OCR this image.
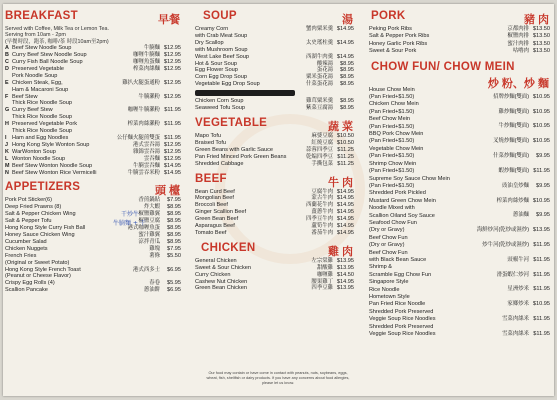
BREAKFAST	早餐
Served with Coffee, Milk Tea or Lemon Tea.
Serving from 10am - 2pm
(早餐時段，跑茶, 咖啡/茶 時段10am至2pm)
A Beef Stew Noodle Soup	牛腩麵 $12.95
B Curry Beef Stew Noodle Soup	咖喱牛腩麵 $12.95
C Curry Fish Ball Noodle Soup	咖喱魚蛋麵 $12.95
D Preserved Vegetable
Pork Noodle Soup
榨菜肉絲麵 $12.95
E Chicken Steak, Egg,
Ham & Macaroni Soup
雞扒火腿蛋通粉 $12.95
F Beef Stew
Thick Rice Noodle Soup
牛腩瀨粉 $12.95
G Curry Beef Stew
Thick Rice Noodle Soup
咖喱牛腩瀨粉 $11.95
H Preserved Vegetable Pork
Thick Rice Noodle Soup
榨菜肉絲瀨粉 $11.95
I Ham and Egg Noodles	公仔麵火腿煎雙蛋 $11.95
J Hong Kong Style Wonton Soup	港式雲吞湯 $12.95
K WarWonton Soup	雜錦雲吞湯 $12.95
L Wonton Noodle Soup	雲吞麵 $12.95
M Beef Stew Wonton Noodle Soup	牛腩雲吞麵 $14.95
N Beef Stew Wonton Rice Vermicelli	牛腩雲吞米粉 $14.95
APPETIZERS	頭 檯
Pork Pot Sticker(6)	香煎鍋貼 $7.95
Deep Fried Prawns (8)	炸大蝦 $8.95
Salt & Pepper Chicken Wing	椒鹽雞翼 $8.95
Salt & Pepper Tofu	椒鹽豆腐 $8.95
Hong Kong Style Curry Fish Ball	港式咖喱魚蛋 $8.95
Honey Sauce Chicken Wing	蜜汁雞翼 $8.95
Cucumber Salad	涼拌青瓜 $8.95
Chicken Nuggets	雞塊 $7.95
French Fries	薯條 $5.50
(Original or Sweet Potato)
Hong Kong Style French Toast	港式西多士 $6.95
(Peanut or Cheese Flavor)
Crispy Egg Rolls (4)	春卷 $5.95
Scallion Pancake	蔥油餅 $6.95
干炒牛
牛腩麵 + 干
SOUP	湯
Creamy Corn
with Crab Meat Soup
蟹肉粟米羹 $14.95
Dry Scallop
with Mushroom Soup
太史瑤柱羹 $14.95
West Lake Beef Soup	西湖牛肉羹 $14.95
Hot & Sour Soup	酸辣湯 $8.95
Egg Flower Soup	蛋花湯 $8.95
Corn Egg Drop Soup	粟米蛋花湯 $8.95
Vegetable Egg Drop Soup	什菜蛋花湯 $8.95
Chicken Corn Soup	雞茸粟米羹 $8.95
Seaweed Tofu Soup	紫菜豆腐湯 $8.95
VEGETABLE	蔬 菜
Mapo Tofu	麻婆豆腐 $10.50
Braised Tofu	紅燒豆腐 $10.50
Green Beans with Garlic Sauce	蒜蓉四季豆 $11.25
Pan Fried Minced Pork Green Beans	乾煸四季豆 $11.25
Shredded Cabbage	手撕包菜 $11.25
BEEF	牛 肉
Bean Curd Beef	豆腐牛肉 $14.95
Mongolian Beef	蒙古牛肉 $14.95
Broccoli Beef	西蘭花牛肉 $14.95
Ginger Scallion Beef	薑蔥牛肉 $14.95
Green Bean Beef	四季豆牛肉 $14.95
Asparagus Beef	蘆筍牛肉 $14.95
Tomato Beef	番茄牛肉 $14.95
CHICKEN	雞 肉
General Chicken	左宗棠雞 $13.95
Sweet & Sour Chicken	甜酸雞 $13.95
Curry Chicken	咖喱雞 $14.50
Cashew Nut Chicken	腰果雞丁 $14.95
Green Bean Chicken	四季豆雞 $13.95
Our food may contain or have come in contact with peanuts, nuts, soybeans, eggs, wheat, fish, shellfish or dairy products. If you have any concerns about food allergies, please let us know.
PORK	豬 肉
Peking Pork Ribs	京都肉排 $13.50
Salt & Pepper Pork Ribs	椒鹽肉排 $13.50
Honey Garlic Pork Ribs	蜜汁肉排 $13.50
Sweet & Sour Pork	咕嚕肉 $13.50
CHOW FUN/ CHOW MEIN
炒 粉、炒 麵
House Chow Mein
(Pan Fried+$1.50)	招牌炒麵(雙面) $10.95
Chicken Chow Mein
(Pan Fried+$1.50)	雞炒麵(雙面) $10.95
Beef Chow Mein
(Pan Fried+$1.50)	牛炒麵(雙面) $10.95
BBQ Pork Chow Mein
(Pan Fried+$1.50)	叉燒炒麵(雙面) $10.95
Vegetable Chow Mein
(Pan Fried+$1.50)	什菜炒麵(雙面) $9.95
Shrimp Chow Mein
(Pan Fried+$1.50)	蝦炒麵(雙面) $11.95
Supreme Soy Sauce Chow Mein
(Pan Fried+$1.50)	豉油皇炒麵 $9.95
Shredded Pork Pickled
Mustard Green Chow Mein	榨菜肉絲炒麵 $10.95
Noodle Mixed with
Scallion Oiland Soy Sauce	蔥油麵 $9.95
Seafood Chow Fun
(Dry or Gravy)	海鮮炒河(乾炒或濕炒) $13.95
Beef Chow Fun
(Dry or Gravy)	炒牛河(乾炒或濕炒) $11.95
Beef Chow Fun
with Black Bean Sauce	豉椒牛河 $11.95
Shrimp &
Scramble Egg Chow Fun	滑蛋蝦仁炒河 $11.95
Singapore Style
Rice Noodle	星洲炒米 $11.95
Hometown Style
Pan Fried Rice Noodle	家鄉炒米 $10.95
Shredded Pork Preserved
Veggie Soup Rice Noodles	雪菜肉絲米 $11.95
Shredded Pork Preserved
Veggie Soup Rice Noodles	雪菜肉絲米 $11.95
